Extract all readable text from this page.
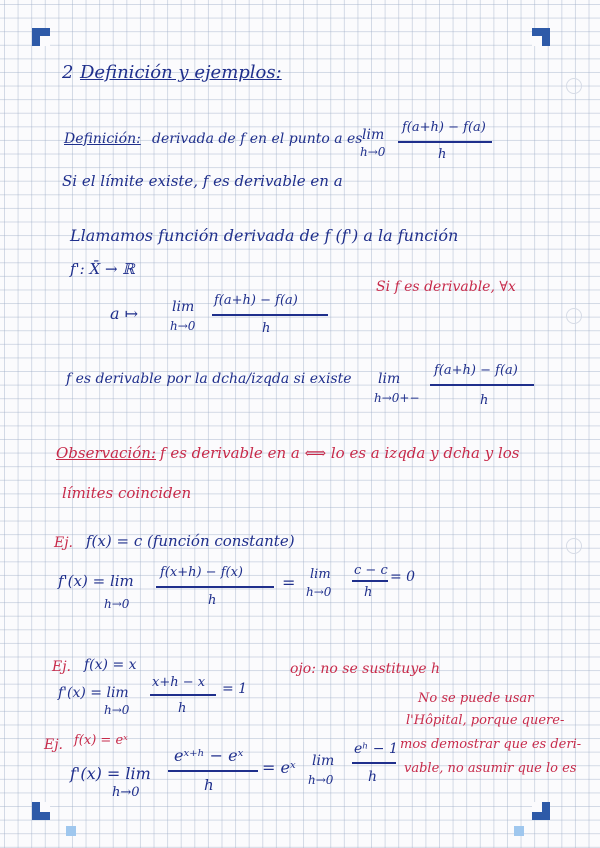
2 Definición y ejemplos:
Definición: derivada de f en el punto a es lim
h→0
f(a+h) − f(a)
h
Si el límite existe, f es derivable en a
Llamamos función derivada de f (f') a la función
f': X̄ → ℝ
a ↦ lim
h→0
f(a+h) − f(a)
h
Si f es derivable, ∀x
f es derivable por la dcha/izqda si existe lim
h→0+−
f(a+h) − f(a)
h
Observación: f es derivable en a ⟺ lo es a izqda y dcha y los
límites coinciden
Ej. f(x) = c (función constante)
f'(x) = lim
h→0
f(x+h) − f(x)
h
= lim
h→0
c − c
h
= 0
Ej. f(x) = x	ojo: no se sustituye h
f'(x) = lim
h→0
x+h − x
h
= 1
Ej. f(x) = eˣ
f'(x) = lim
h→0
eˣ⁺ʰ − eˣ
h
= eˣ lim
h→0
eʰ − 1
h
No se puede usar
l'Hôpital, porque quere-
mos demostrar que es deri-
vable, no asumir que lo es
